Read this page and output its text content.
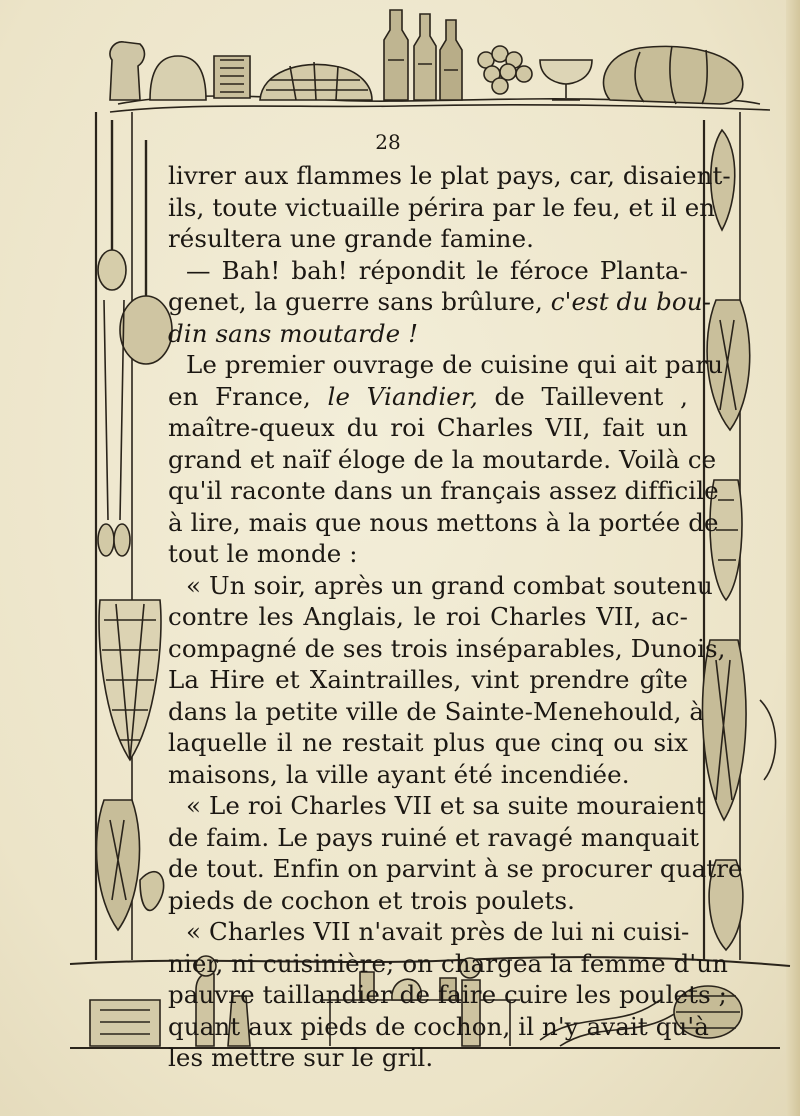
28
livrer aux flammes le plat pays, car, disaient-
ils, toute victuaille périra par le feu, et il en
résultera une grande famine.
— Bah! bah! répondit le féroce Planta-
genet, la guerre sans brûlure, c'est du bou-
din sans moutarde !
Le premier ouvrage de cuisine qui ait paru
en France, le Viandier, de Taillevent ,
maître-queux du roi Charles VII, fait un
grand et naïf éloge de la moutarde. Voilà ce
qu'il raconte dans un français assez difficile
à lire, mais que nous mettons à la portée de
tout le monde :
« Un soir, après un grand combat soutenu
contre les Anglais, le roi Charles VII, ac-
compagné de ses trois inséparables, Dunois,
La Hire et Xaintrailles, vint prendre gîte
dans la petite ville de Sainte-Menehould, à
laquelle il ne restait plus que cinq ou six
maisons, la ville ayant été incendiée.
« Le roi Charles VII et sa suite mouraient
de faim. Le pays ruiné et ravagé manquait
de tout. Enfin on parvint à se procurer quatre
pieds de cochon et trois poulets.
« Charles VII n'avait près de lui ni cuisi-
nier, ni cuisinière; on chargea la femme d'un
pauvre taillandier de faire cuire les poulets ;
quant aux pieds de cochon, il n'y avait qu'à
les mettre sur le gril.
